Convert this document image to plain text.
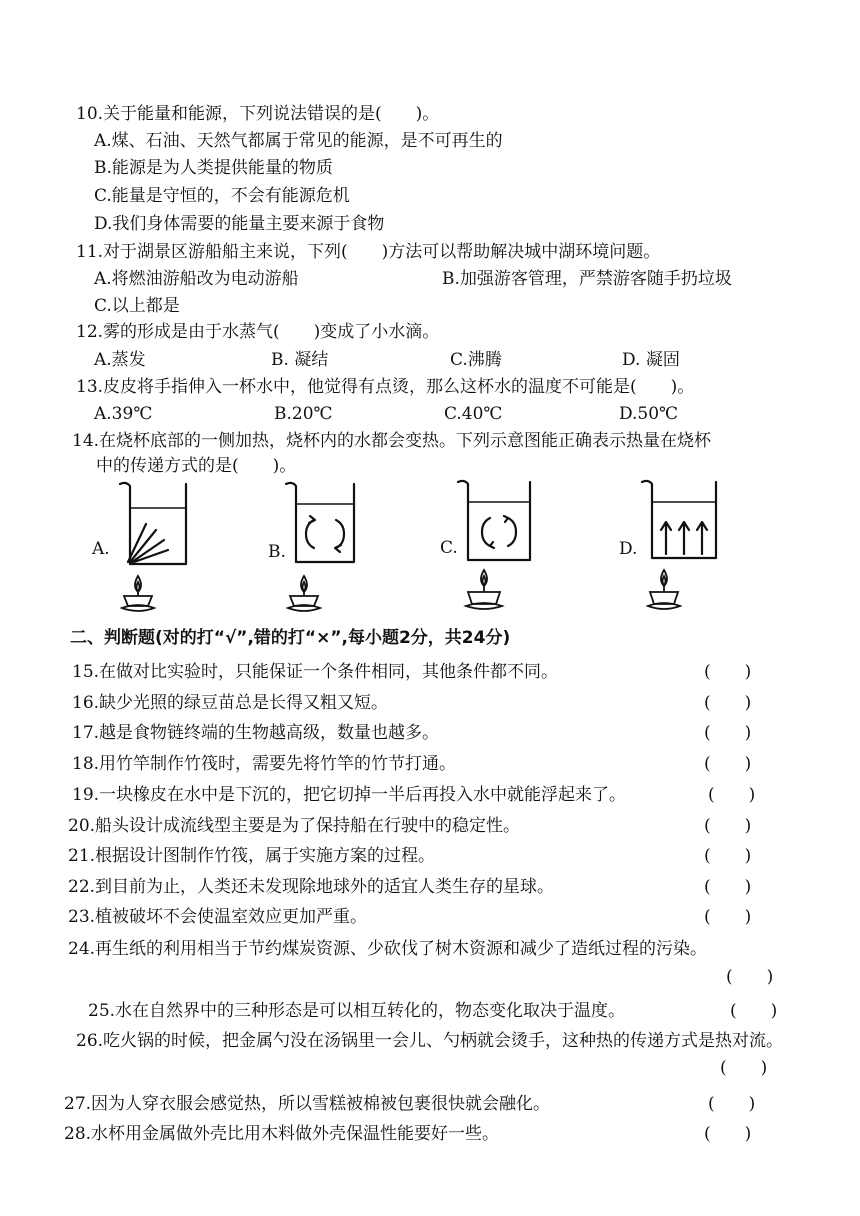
10.关于能量和能源，下列说法错误的是(　　)。
A.煤、石油、天然气都属于常见的能源，是不可再生的
B.能源是为人类提供能量的物质
C.能量是守恒的，不会有能源危机
D.我们身体需要的能量主要来源于食物
11.对于湖景区游船船主来说，下列(　　)方法可以帮助解决城中湖环境问题。
A.将燃油游船改为电动游船	B.加强游客管理，严禁游客随手扔垃圾
C.以上都是
12.雾的形成是由于水蒸气(　　)变成了小水滴。
A.蒸发	B. 凝结	C.沸腾	D. 凝固
13.皮皮将手指伸入一杯水中，他觉得有点烫，那么这杯水的温度不可能是(　　)。
A.39℃	B.20℃	C.40℃	D.50℃
14.在烧杯底部的一侧加热，烧杯内的水都会变热。下列示意图能正确表示热量在烧杯
中的传递方式的是(　　)。
A.	B.	C.	D.
二、判断题(对的打“√”,错的打“×”,每小题2分，共24分)
15.在做对比实验时，只能保证一个条件相同，其他条件都不同。	(　　)
16.缺少光照的绿豆苗总是长得又粗又短。	(　　)
17.越是食物链终端的生物越高级，数量也越多。	(　　)
18.用竹竿制作竹筏时，需要先将竹竿的竹节打通。	(　　)
19.一块橡皮在水中是下沉的，把它切掉一半后再投入水中就能浮起来了。	(　　)
20.船头设计成流线型主要是为了保持船在行驶中的稳定性。	(　　)
21.根据设计图制作竹筏，属于实施方案的过程。	(　　)
22.到目前为止，人类还未发现除地球外的适宜人类生存的星球。	(　　)
23.植被破坏不会使温室效应更加严重。	(　　)
24.再生纸的利用相当于节约煤炭资源、少砍伐了树木资源和减少了造纸过程的污染。
(　　)
25.水在自然界中的三种形态是可以相互转化的，物态变化取决于温度。	(　　)
26.吃火锅的时候，把金属勺没在汤锅里一会儿、勺柄就会烫手，这种热的传递方式是热对流。
(　　)
27.因为人穿衣服会感觉热，所以雪糕被棉被包裹很快就会融化。	(　　)
28.水杯用金属做外壳比用木料做外壳保温性能要好一些。	(　　)
